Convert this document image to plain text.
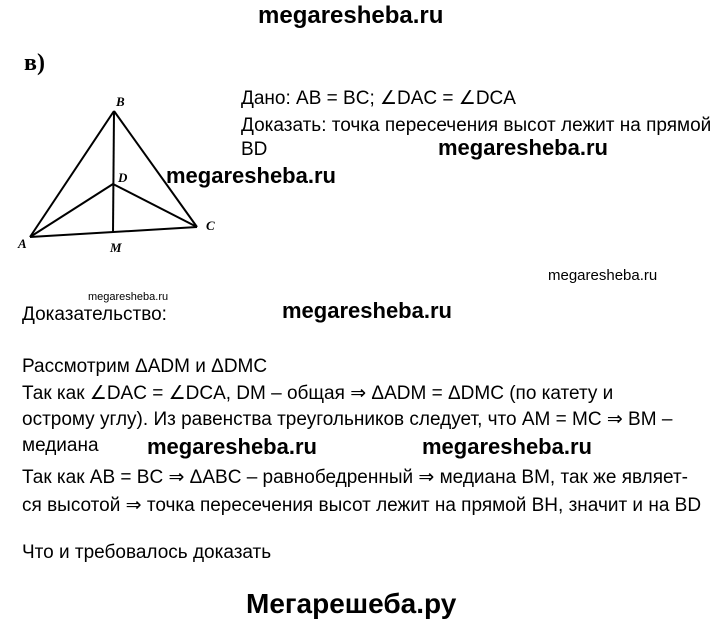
megaresheba.ru
в)
B
D
A
C
M
Дано: AB = BC; ∠DAC = ∠DCA
Доказать: точка пересечения высот лежит на прямой
BD	megaresheba.ru
megaresheba.ru
megaresheba.ru
megaresheba.ru
Доказательство:	megaresheba.ru
Рассмотрим ΔADM и ΔDMC
Так как ∠DAC = ∠DCA, DM – общая ⇒ ΔADM = ΔDMC (по катету и
острому углу). Из равенства треугольников следует, что AM = MC ⇒ BM –
медиана megaresheba.ru	megaresheba.ru
Так как AB = BC ⇒ ΔABC – равнобедренный ⇒ медиана BM, так же являет-
ся высотой ⇒ точка пересечения высот лежит на прямой BH, значит и на BD
Что и требовалось доказать
Мегарешеба.ру
